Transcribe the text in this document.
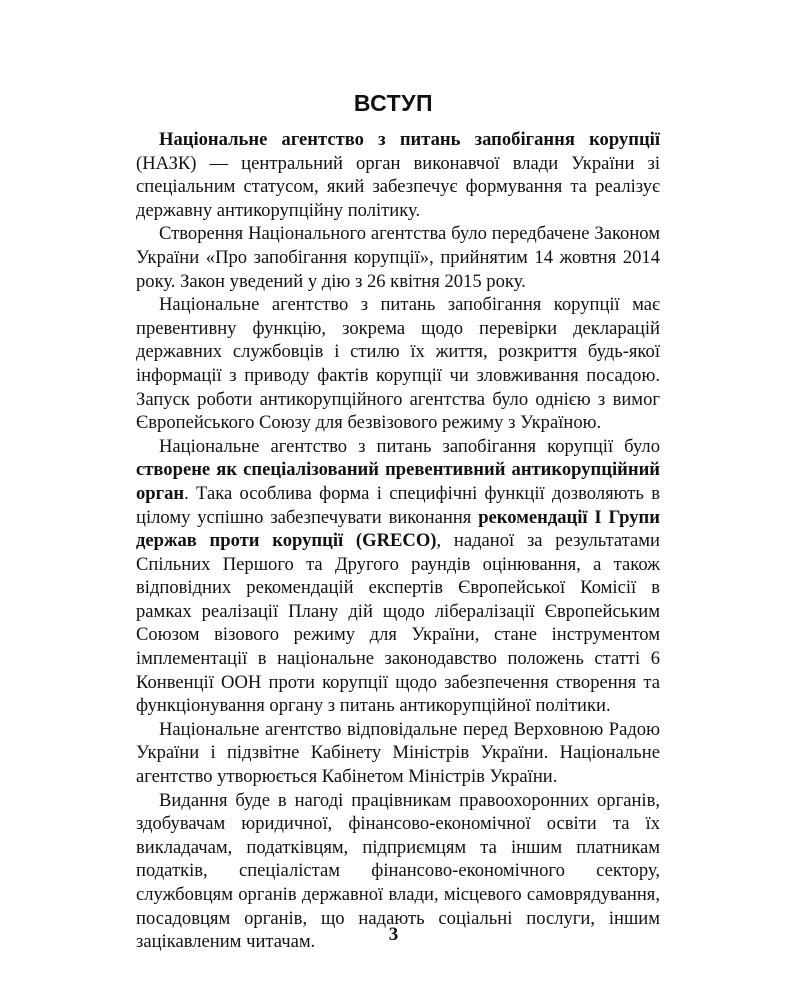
ВСТУП

Національне агентство з питань запобігання корупції (НАЗК) — центральний орган виконавчої влади України зі спеціальним статусом, який забезпечує формування та реалізує державну антикорупційну політику.

Створення Національного агентства було передбачене Законом України «Про запобігання корупції», прийнятим 14 жовтня 2014 року. Закон уведений у дію з 26 квітня 2015 року.

Національне агентство з питань запобігання корупції має превентивну функцію, зокрема щодо перевірки декларацій державних службовців і стилю їх життя, розкриття будь-якої інформації з приводу фактів корупції чи зловживання посадою. Запуск роботи антикорупційного агентства було однією з вимог Європейського Союзу для безвізового режиму з Україною.

Національне агентство з питань запобігання корупції було створене як спеціалізований превентивний антикорупційний орган. Така особлива форма і специфічні функції дозволяють в цілому успішно забезпечувати виконання рекомендації І Групи держав проти корупції (GRECO), наданої за результатами Спільних Першого та Другого раундів оцінювання, а також відповідних рекомендацій експертів Європейської Комісії в рамках реалізації Плану дій щодо лібералізації Європейським Союзом візового режиму для України, стане інструментом імплементації в національне законодавство положень статті 6 Конвенції ООН проти корупції щодо забезпечення створення та функціонування органу з питань антикорупційної політики.

Національне агентство відповідальне перед Верховною Радою України і підзвітне Кабінету Міністрів України. Національне агентство утворюється Кабінетом Міністрів України.

Видання буде в нагоді працівникам правоохоронних органів, здобувачам юридичної, фінансово-економічної освіти та їх викладачам, податківцям, підприємцям та іншим платникам податків, спеціалістам фінансово-економічного сектору, службовцям органів державної влади, місцевого самоврядування, посадовцям органів, що надають соціальні послуги, іншим зацікавленим читачам.	3
